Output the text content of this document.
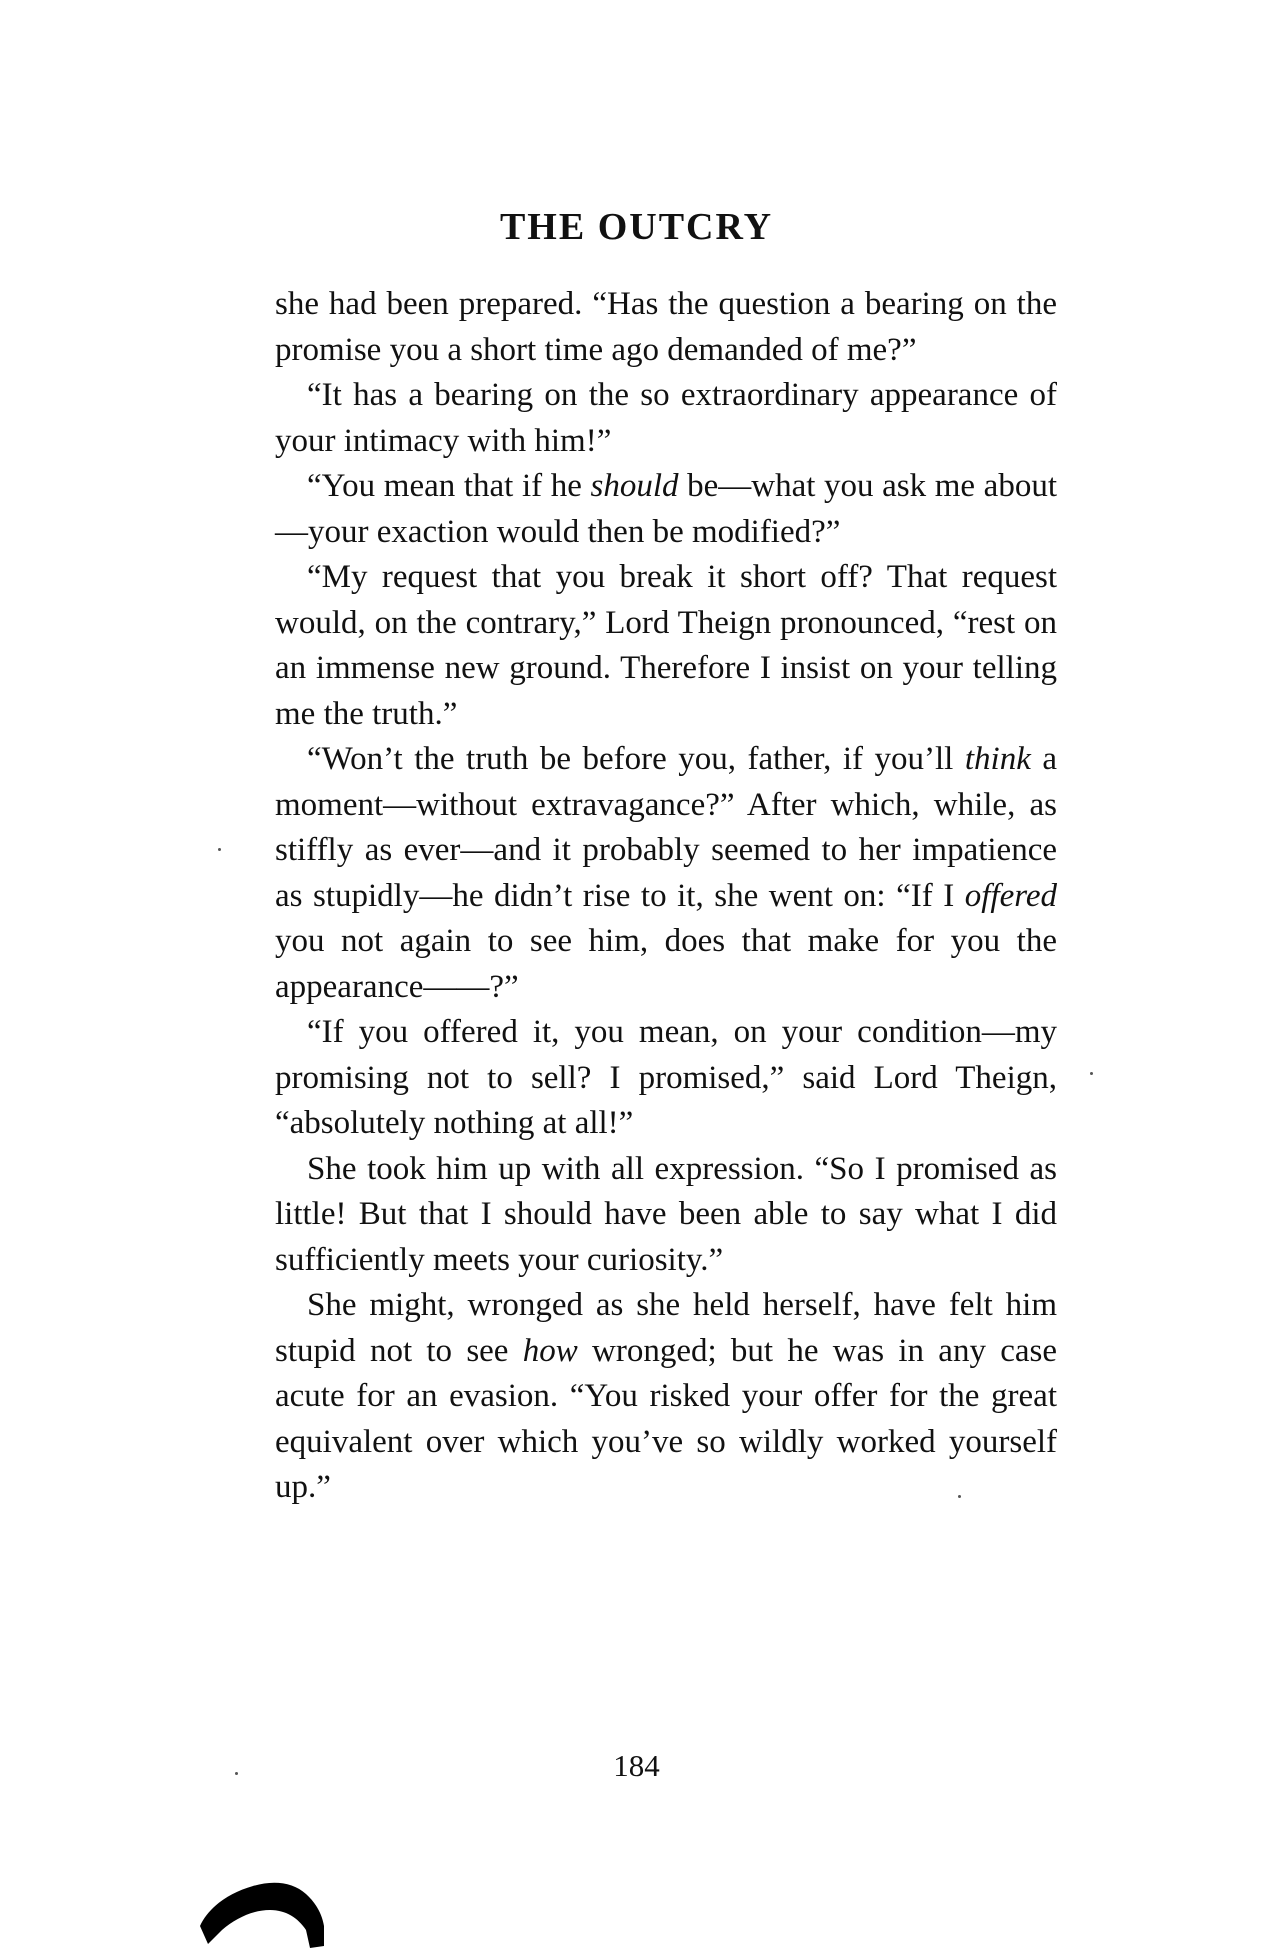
THE OUTCRY

she had been prepared. “Has the question a bearing on the promise you a short time ago demanded of me?”

“It has a bearing on the so extraordinary appearance of your intimacy with him!”

“You mean that if he should be—what you ask me about—your exaction would then be modified?”

“My request that you break it short off? That request would, on the contrary,” Lord Theign pronounced, “rest on an immense new ground. Therefore I insist on your telling me the truth.”

“Won’t the truth be before you, father, if you’ll think a moment—without extravagance?” After which, while, as stiffly as ever—and it probably seemed to her impatience as stupidly—he didn’t rise to it, she went on: “If I offered you not again to see him, does that make for you the appearance——?”

“If you offered it, you mean, on your condition—my promising not to sell? I promised,” said Lord Theign, “absolutely nothing at all!”

She took him up with all expression. “So I promised as little! But that I should have been able to say what I did sufficiently meets your curiosity.”

She might, wronged as she held herself, have felt him stupid not to see how wronged; but he was in any case acute for an evasion. “You risked your offer for the great equivalent over which you’ve so wildly worked yourself up.”

184
